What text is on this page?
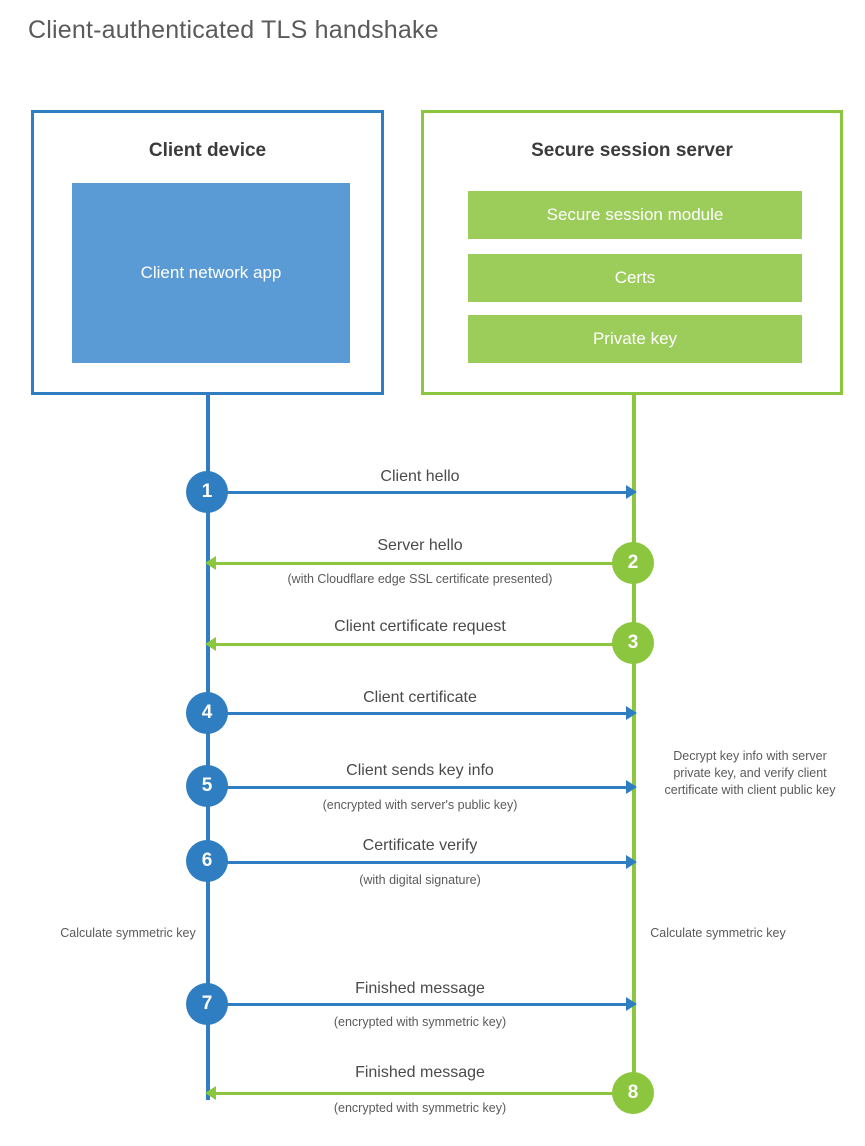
Client-authenticated TLS handshake
Client device
Client network app
Secure session server
Secure session module
Certs
Private key
Client hello
1
Server hello
(with Cloudflare edge SSL certificate presented)
2
Client certificate request
3
Client certificate
4
Client sends key info
(encrypted with server's public key)
5
Decrypt key info with server private key, and verify client certificate with client public key
Certificate verify
(with digital signature)
6
Calculate symmetric key	Calculate symmetric key
Finished message
(encrypted with symmetric key)
7
Finished message
(encrypted with symmetric key)
8
